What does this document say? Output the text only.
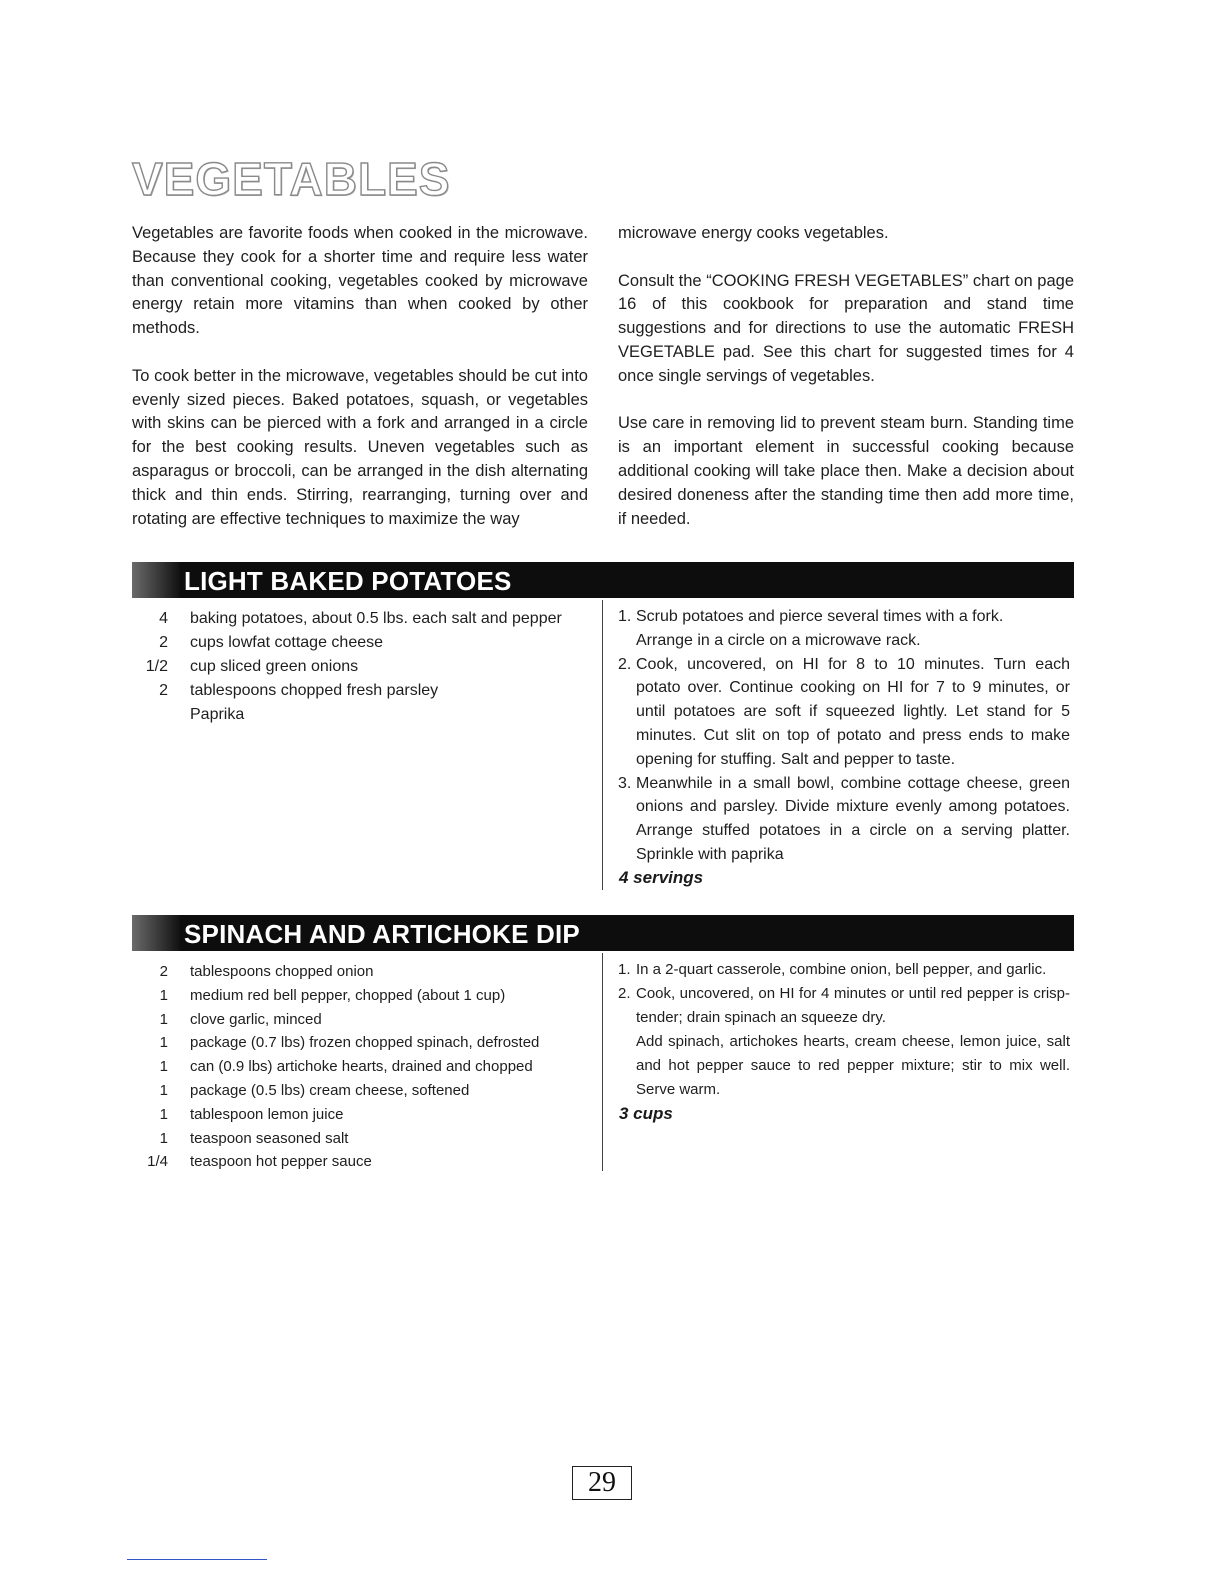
VEGETABLES

Vegetables are favorite foods when cooked in the microwave. Because they cook for a shorter time and require less water than conventional cooking, vegetables cooked by microwave energy retain more vitamins than when cooked by other methods.

To cook better in the microwave, vegetables should be cut into evenly sized pieces. Baked potatoes, squash, or vegetables with skins can be pierced with a fork and arranged in a circle for the best cooking results. Uneven vegetables such as asparagus or broccoli, can be arranged in the dish alternating thick and thin ends. Stirring, rearranging, turning over and rotating are effective techniques to maximize the way

microwave energy cooks vegetables.

Consult the “COOKING FRESH VEGETABLES” chart on page 16 of this cookbook for preparation and stand time suggestions and for directions to use the automatic FRESH VEGETABLE pad. See this chart for suggested times for 4 once single servings of vegetables.

Use care in removing lid to prevent steam burn. Standing time is an important element in successful cooking because additional cooking will take place then. Make a decision about desired doneness after the standing time then add more time, if needed.

LIGHT BAKED POTATOES
4 baking potatoes, about 0.5 lbs. each salt and pepper
2 cups lowfat cottage cheese
1/2 cup sliced green onions
2 tablespoons chopped fresh parsley
Paprika
1. Scrub potatoes and pierce several times with a fork.
Arrange in a circle on a microwave rack.
2. Cook, uncovered, on HI for 8 to 10 minutes. Turn each potato over. Continue cooking on HI for 7 to 9 minutes, or until potatoes are soft if squeezed lightly. Let stand for 5 minutes. Cut slit on top of potato and press ends to make opening for stuffing. Salt and pepper to taste.
3. Meanwhile in a small bowl, combine cottage cheese, green onions and parsley. Divide mixture evenly among potatoes. Arrange stuffed potatoes in a circle on a serving platter. Sprinkle with paprika

4 servings

SPINACH AND ARTICHOKE DIP
2 tablespoons chopped onion
1 medium red bell pepper, chopped (about 1 cup)
1 clove garlic, minced
1 package (0.7 lbs) frozen chopped spinach, defrosted
1 can (0.9 lbs) artichoke hearts, drained and chopped
1 package (0.5 lbs) cream cheese, softened
1 tablespoon lemon juice
1 teaspoon seasoned salt
1/4 teaspoon hot pepper sauce
1. In a 2-quart casserole, combine onion, bell pepper, and garlic.
2. Cook, uncovered, on HI for 4 minutes or until red pepper is crisp-tender; drain spinach an squeeze dry.
Add spinach, artichokes hearts, cream cheese, lemon juice, salt and hot pepper sauce to red pepper mixture; stir to mix well. Serve warm.

3 cups

29
